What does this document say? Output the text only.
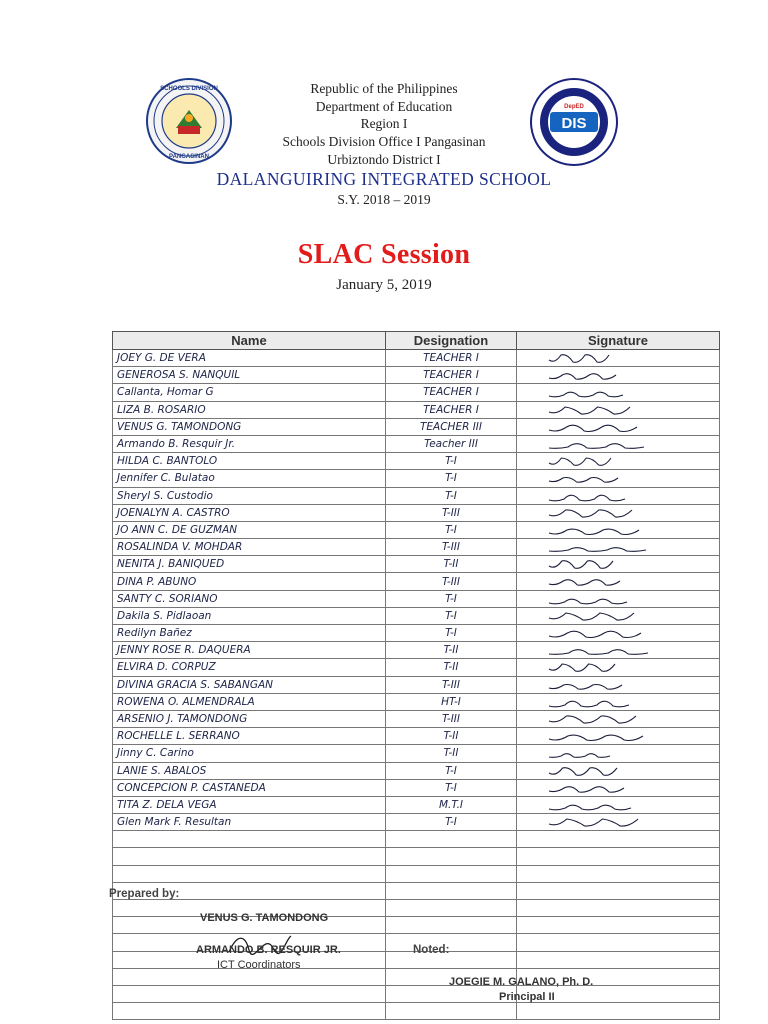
SCHOOLS DIVISION
PANGASINAN
DIS
DepED
Republic of the Philippines
Department of Education
Region I
Schools Division Office I Pangasinan
Urbiztondo District I
DALANGUIRING INTEGRATED SCHOOL
S.Y. 2018 – 2019
SLAC Session
January 5, 2019
Name	Designation	Signature
JOEY G. DE VERA	TEACHER I	

GENEROSA S. NANQUIL	TEACHER I	

Callanta, Homar G	TEACHER I	

LIZA B. ROSARIO	TEACHER I	

VENUS G. TAMONDONG	TEACHER III	

Armando B. Resquir Jr.	Teacher III	

HILDA C. BANTOLO	T-I	

Jennifer C. Bulatao	T-I	

Sheryl S. Custodio	T-I	

JOENALYN A. CASTRO	T-III	

JO ANN C. DE GUZMAN	T-I	

ROSALINDA V. MOHDAR	T-III	

NENITA J. BANIQUED	T-II	

DINA P. ABUNO	T-III	

SANTY C. SORIANO	T-I	

Dakila S. Pidlaoan	T-I	

Redilyn Bañez	T-I	

JENNY ROSE R. DAQUERA	T-II	

ELVIRA D. CORPUZ	T-II	

DIVINA GRACIA S. SABANGAN	T-III	

ROWENA O. ALMENDRALA	HT-I	

ARSENIO J. TAMONDONG	T-III	

ROCHELLE L. SERRANO	T-II	

Jinny C. Carino	T-II	

LANIE S. ABALOS	T-I	

CONCEPCION P. CASTANEDA	T-I	

TITA Z. DELA VEGA	M.T.I	

Glen Mark F. Resultan	T-I	

Prepared by:
VENUS G. TAMONDONG
ARMANDO B. RESQUIR JR.
ICT Coordinators
Noted:
JOEGIE M. GALANO, Ph. D.
Principal II
